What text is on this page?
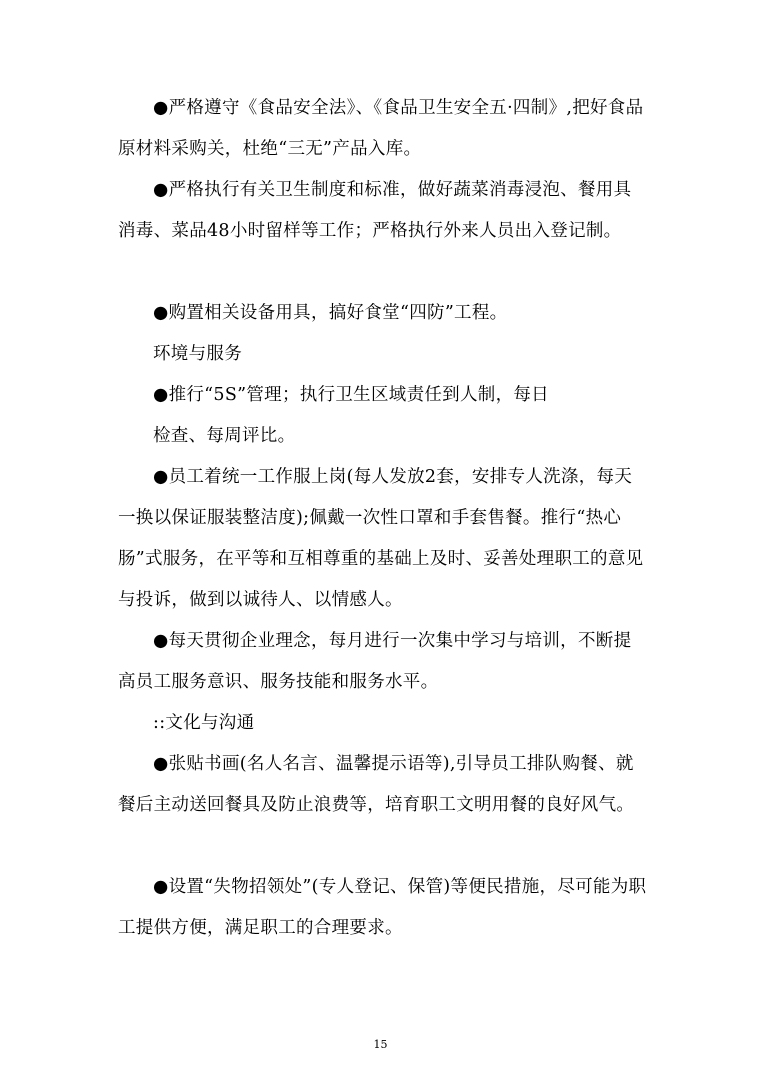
●严格遵守《食品安全法》、《食品卫生安全五·四制》,把好食品原材料采购关，杜绝“三无”产品入库。
●严格执行有关卫生制度和标准，做好蔬菜消毒浸泡、餐用具消毒、菜品48小时留样等工作；严格执行外来人员出入登记制。
●购置相关设备用具，搞好食堂“四防”工程。
环境与服务
●推行“5S”管理；执行卫生区域责任到人制，每日
检查、每周评比。
●员工着统一工作服上岗(每人发放2套，安排专人洗涤，每天一换以保证服装整洁度);佩戴一次性口罩和手套售餐。推行“热心肠”式服务，在平等和互相尊重的基础上及时、妥善处理职工的意见与投诉，做到以诚待人、以情感人。
●每天贯彻企业理念，每月进行一次集中学习与培训，不断提高员工服务意识、服务技能和服务水平。
::文化与沟通
●张贴书画(名人名言、温馨提示语等),引导员工排队购餐、就餐后主动送回餐具及防止浪费等，培育职工文明用餐的良好风气。
●设置“失物招领处”(专人登记、保管)等便民措施，尽可能为职工提供方便，满足职工的合理要求。
15
